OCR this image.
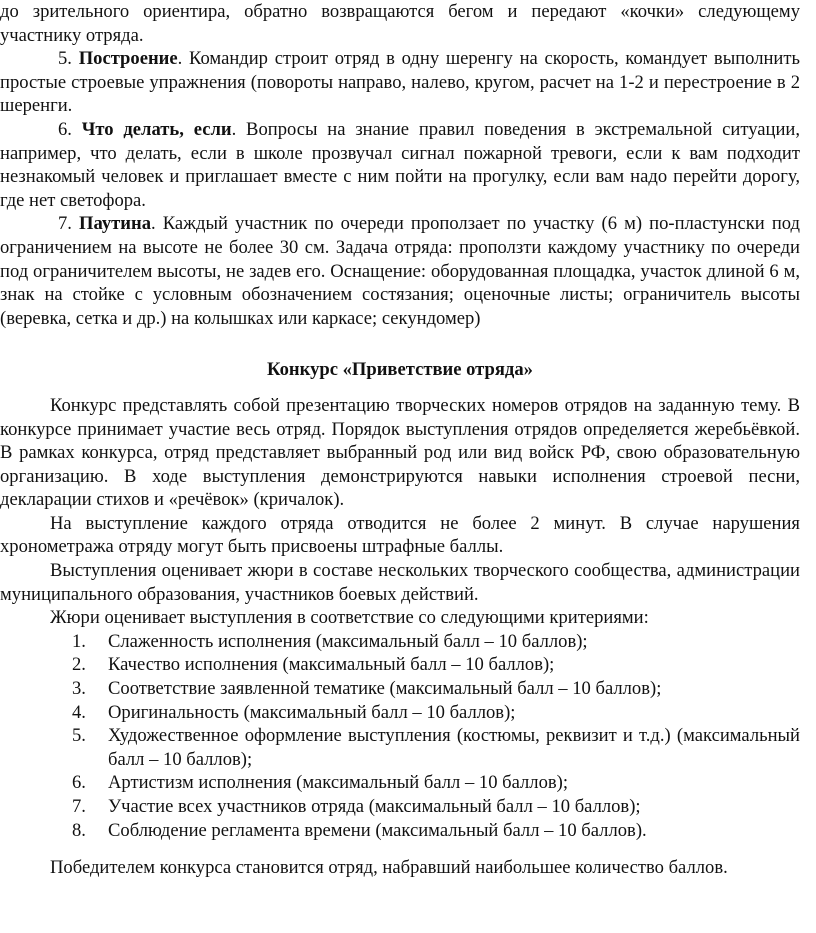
до зрительного ориентира, обратно возвращаются бегом и передают «кочки» следующему участнику отряда.

5. Построение. Командир строит отряд в одну шеренгу на скорость, командует выполнить простые строевые упражнения (повороты направо, налево, кругом, расчет на 1-2 и перестроение в 2 шеренги.

6. Что делать, если. Вопросы на знание правил поведения в экстремальной ситуации, например, что делать, если в школе прозвучал сигнал пожарной тревоги, если к вам подходит незнакомый человек и приглашает вместе с ним пойти на прогулку, если вам надо перейти дорогу, где нет светофора.

7. Паутина. Каждый участник по очереди проползает по участку (6 м) по-пластунски под ограничением на высоте не более 30 см. Задача отряда: проползти каждому участнику по очереди под ограничителем высоты, не задев его. Оснащение: оборудованная площадка, участок длиной 6 м, знак на стойке с условным обозначением состязания; оценочные листы; ограничитель высоты (веревка, сетка и др.) на колышках или каркасе; секундомер)

Конкурс «Приветствие отряда»

Конкурс представлять собой презентацию творческих номеров отрядов на заданную тему. В конкурсе принимает участие весь отряд. Порядок выступления отрядов определяется жеребьёвкой. В рамках конкурса, отряд представляет выбранный род или вид войск РФ, свою образовательную организацию. В ходе выступления демонстрируются навыки исполнения строевой песни, декларации стихов и «речёвок» (кричалок).

На выступление каждого отряда отводится не более 2 минут. В случае нарушения хронометража отряду могут быть присвоены штрафные баллы.

Выступления оценивает жюри в составе нескольких творческого сообщества, администрации муниципального образования, участников боевых действий.

Жюри оценивает выступления в соответствие со следующими критериями:

1. Слаженность исполнения (максимальный балл – 10 баллов);
2. Качество исполнения (максимальный балл – 10 баллов);
3. Соответствие заявленной тематике (максимальный балл – 10 баллов);
4. Оригинальность (максимальный балл – 10 баллов);
5. Художественное оформление выступления (костюмы, реквизит и т.д.) (максимальный балл – 10 баллов);
6. Артистизм исполнения (максимальный балл – 10 баллов);
7. Участие всех участников отряда (максимальный балл – 10 баллов);
8. Соблюдение регламента времени (максимальный балл – 10 баллов).

Победителем конкурса становится отряд, набравший наибольшее количество баллов.
